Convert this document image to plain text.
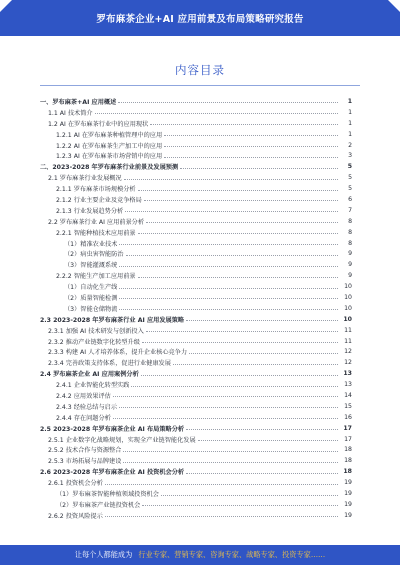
罗布麻茶企业+AI 应用前景及布局策略研究报告
内容目录
一、罗布麻茶+AI 应用概述	1
1.1 AI 技术简介	1
1.2 AI 在罗布麻茶行业中的应用现状	1
1.2.1 AI 在罗布麻茶种植管理中的应用	1
1.2.2 AI 在罗布麻茶生产加工中的应用	2
1.2.3 AI 在罗布麻茶市场营销中的应用	3
二、2023-2028 年罗布麻茶行业前景及发展预测	5
2.1 罗布麻茶行业发展概况	5
2.1.1 罗布麻茶市场规模分析	5
2.1.2 行业主要企业及竞争格局	6
2.1.3 行业发展趋势分析	7
2.2 罗布麻茶行业 AI 应用前景分析	8
2.2.1 智能种植技术应用前景	8
（1）精准农业技术	8
（2）病虫害智能防治	9
（3）智能灌溉系统	9
2.2.2 智能生产加工应用前景	9
（1）自动化生产线	10
（2）质量智能检测	10
（3）智能仓储物流	10
2.3 2023-2028 年罗布麻茶行业 AI 应用发展策略	10
2.3.1 加强 AI 技术研发与创新投入	11
2.3.2 推动产业链数字化转型升级	11
2.3.3 构建 AI 人才培养体系，提升企业核心竞争力	12
2.3.4 完善政策支持体系，促进行业健康发展	12
2.4 罗布麻茶企业 AI 应用案例分析	13
2.4.1 企业智能化转型实践	13
2.4.2 应用效果评估	14
2.4.3 经验总结与启示	15
2.4.4 存在问题分析	16
2.5 2023-2028 年罗布麻茶企业 AI 布局策略分析	17
2.5.1 企业数字化战略规划，实现全产业链智能化发展	17
2.5.2 技术合作与资源整合	18
2.5.3 市场拓展与品牌建设	18
2.6 2023-2028 年罗布麻茶企业 AI 投资机会分析	18
2.6.1 投资机会分析	19
（1）罗布麻茶智能种植领域投资机会	19
（2）罗布麻茶产业链投资机会	19
2.6.2 投资风险提示	19
让每个人都能成为 行业专家、营销专家、咨询专家、战略专家、投资专家……
